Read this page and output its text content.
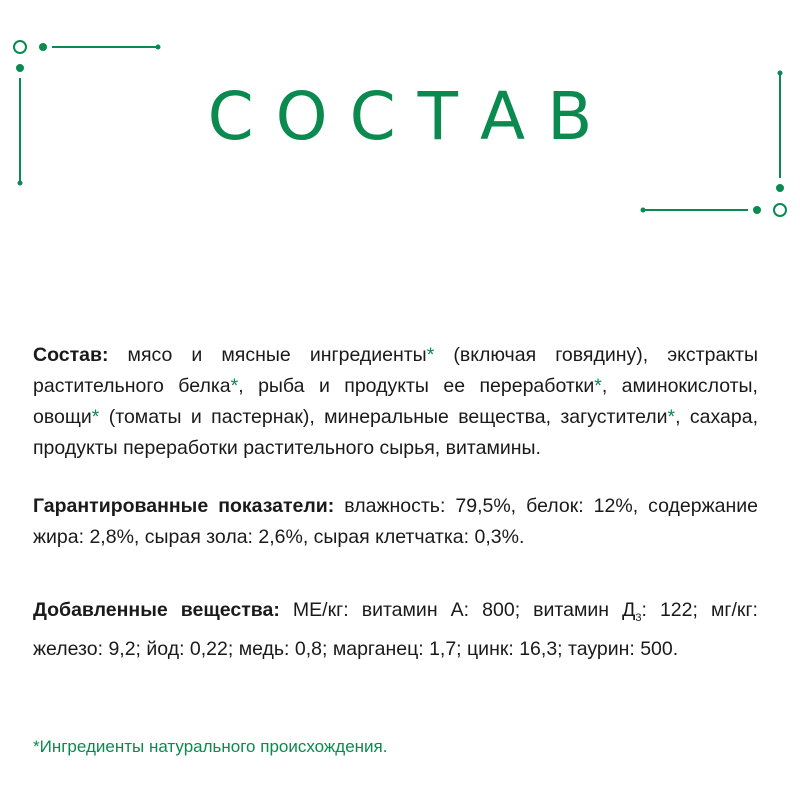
СОСТАВ

Состав: мясо и мясные ингредиенты* (включая говядину), экстракты растительного белка*, рыба и продукты ее переработки*, аминокислоты, овощи* (томаты и пастернак), минеральные вещества, загустители*, сахара, продукты переработки растительного сырья, витамины.

Гарантированные показатели: влажность: 79,5%, белок: 12%, содержание жира: 2,8%, сырая зола: 2,6%, сырая клетчатка: 0,3%.

Добавленные вещества: МЕ/кг: витамин А: 800; витамин $Д_3$: 122; мг/кг: железо: 9,2; йод: 0,22; медь: 0,8; марганец: 1,7; цинк: 16,3; таурин: 500.

*Ингредиенты натурального происхождения.
